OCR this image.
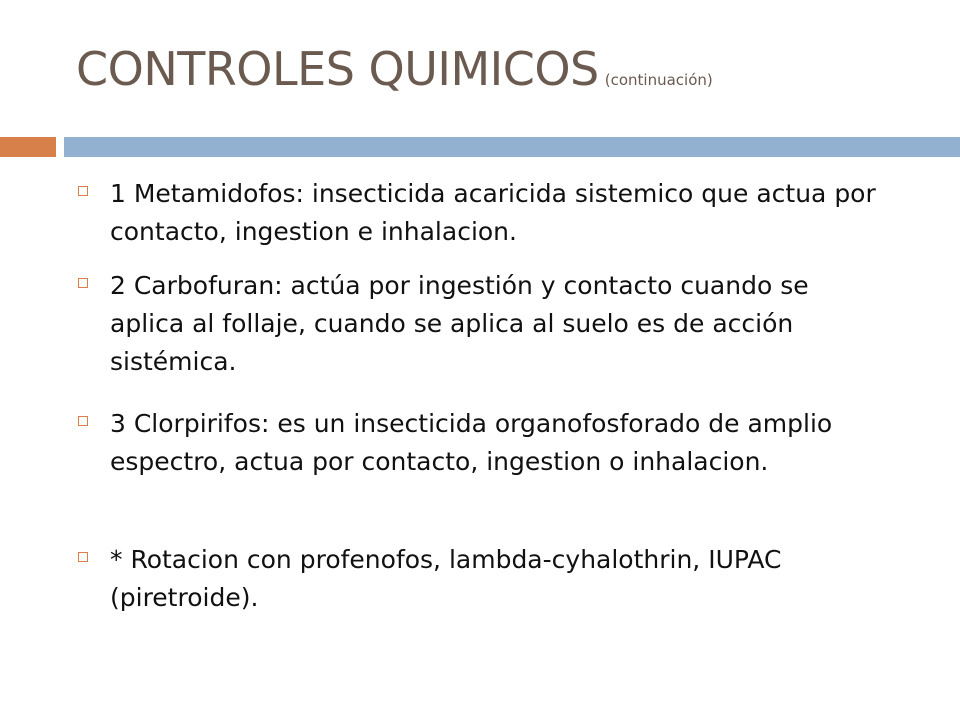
CONTROLES QUIMICOS (continuación)
1 Metamidofos: insecticida acaricida sistemico que actua por contacto, ingestion e inhalacion.
2 Carbofuran: actúa por ingestión y contacto cuando se aplica al follaje, cuando se aplica al suelo es de acción sistémica.
3 Clorpirifos: es un insecticida organofosforado de amplio espectro, actua por contacto, ingestion o inhalacion.
* Rotacion con profenofos, lambda-cyhalothrin, IUPAC (piretroide).
